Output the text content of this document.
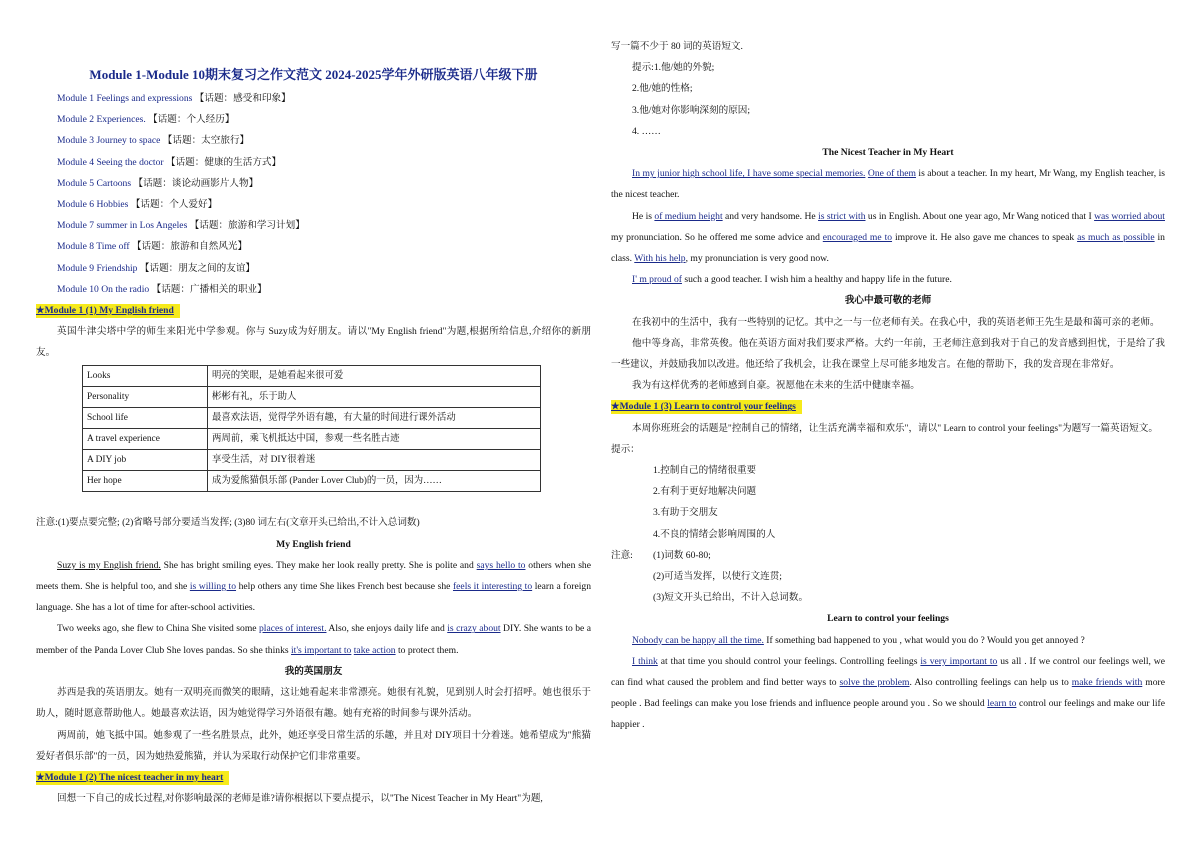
Module 1-Module 10期末复习之作文范文 2024-2025学年外研版英语八年级下册
Module 1 Feelings and expressions 【话题：感受和印象】
Module 2 Experiences. 【话题：个人经历】
Module 3 Journey to space 【话题：太空旅行】
Module 4 Seeing the doctor 【话题：健康的生活方式】
Module 5 Cartoons 【话题：谈论动画影片人物】
Module 6 Hobbies 【话题：个人爱好】
Module 7 summer in Los Angeles 【话题：旅游和学习计划】
Module 8 Time off 【话题：旅游和自然风光】
Module 9 Friendship 【话题：朋友之间的友谊】
Module 10 On the radio 【话题：广播相关的职业】
★Module 1 (1) My English friend

英国牛津尖塔中学的师生来阳光中学参观。你与 Suzy成为好朋友。请以"My English friend"为题,根据所给信息,介绍你的新朋友。

Looks	明亮的笑眼，是她看起来很可爱
Personality	彬彬有礼，乐于助人
School life	最喜欢法语，觉得学外语有趣，有大量的时间进行课外活动
A travel experience	两周前，乘飞机抵达中国，参观一些名胜古迹
A DIY job	享受生活，对 DIY很着迷
Her hope	成为爱熊猫俱乐部 (Pander Lover Club)的一员，因为……

注意:(1)要点要完整; (2)省略号部分要适当发挥; (3)80 词左右(文章开头已给出,不计入总词数)

My English friend

Suzy is my English friend. She has bright smiling eyes. They make her look really pretty. She is polite and says hello to others when she meets them. She is helpful too, and she is willing to help others any time She likes French best because she feels it interesting to learn a foreign language. She has a lot of time for after-school activities.

Two weeks ago, she flew to China She visited some places of interest. Also, she enjoys daily life and is crazy about DIY. She wants to be a member of the Panda Lover Club She loves pandas. So she thinks it's important to take action to protect them.

我的英国朋友

苏西是我的英语朋友。她有一双明亮而微笑的眼睛，这让她看起来非常漂亮。她很有礼貌，见到别人时会打招呼。她也很乐于助人，随时愿意帮助他人。她最喜欢法语，因为她觉得学习外语很有趣。她有充裕的时间参与课外活动。

两周前，她飞抵中国。她参观了一些名胜景点，此外，她还享受日常生活的乐趣，并且对 DIY项目十分着迷。她希望成为"熊猫爱好者俱乐部"的一员，因为她热爱熊猫，并认为采取行动保护它们非常重要。

★Module 1 (2) The nicest teacher in my heart

回想一下自己的成长过程,对你影响最深的老师是谁?请你根据以下要点提示，以"The Nicest Teacher in My Heart"为题,

写一篇不少于 80 词的英语短文.

提示:1.他/她的外貌;
2.他/她的性格;
3.他/她对你影响深刻的原因;
4. ……

The Nicest Teacher in My Heart

In my junior high school life, I have some special memories. One of them is about a teacher. In my heart, Mr Wang, my English teacher, is the nicest teacher.

He is of medium height and very handsome. He is strict with us in English. About one year ago, Mr Wang noticed that I was worried about my pronunciation. So he offered me some advice and encouraged me to improve it. He also gave me chances to speak as much as possible in class. With his help, my pronunciation is very good now.

I' m proud of such a good teacher. I wish him a healthy and happy life in the future.

我心中最可敬的老师

在我初中的生活中，我有一些特别的记忆。其中之一与一位老师有关。在我心中，我的英语老师王先生是最和蔼可亲的老师。

他中等身高，非常英俊。他在英语方面对我们要求严格。大约一年前，王老师注意到我对于自己的发音感到担忧，于是给了我一些建议，并鼓励我加以改进。他还给了我机会，让我在课堂上尽可能多地发言。在他的帮助下，我的发音现在非常好。

我为有这样优秀的老师感到自豪。祝愿他在未来的生活中健康幸福。

★Module 1 (3) Learn to control your feelings

本周你班班会的话题是"控制自己的情绪，让生活充满幸福和欢乐"，请以" Learn to control your feelings"为题写一篇英语短文。

提示：

1.控制自己的情绪很重要
2.有利于更好地解决问题
3.有助于交朋友
4.不良的情绪会影响周围的人
注意:	(1)词数 60-80;
(2)可适当发挥，以使行文连贯;
(3)短文开头已给出，不计入总词数。

Learn to control your feelings

Nobody can be happy all the time. If something bad happened to you , what would you do ? Would you get annoyed ?

I think at that time you should control your feelings. Controlling feelings is very important to us all . If we control our feelings well, we can find what caused the problem and find better ways to solve the problem. Also controlling feelings can help us to make friends with more people . Bad feelings can make you lose friends and influence people around you . So we should learn to control our feelings and make our life happier .
